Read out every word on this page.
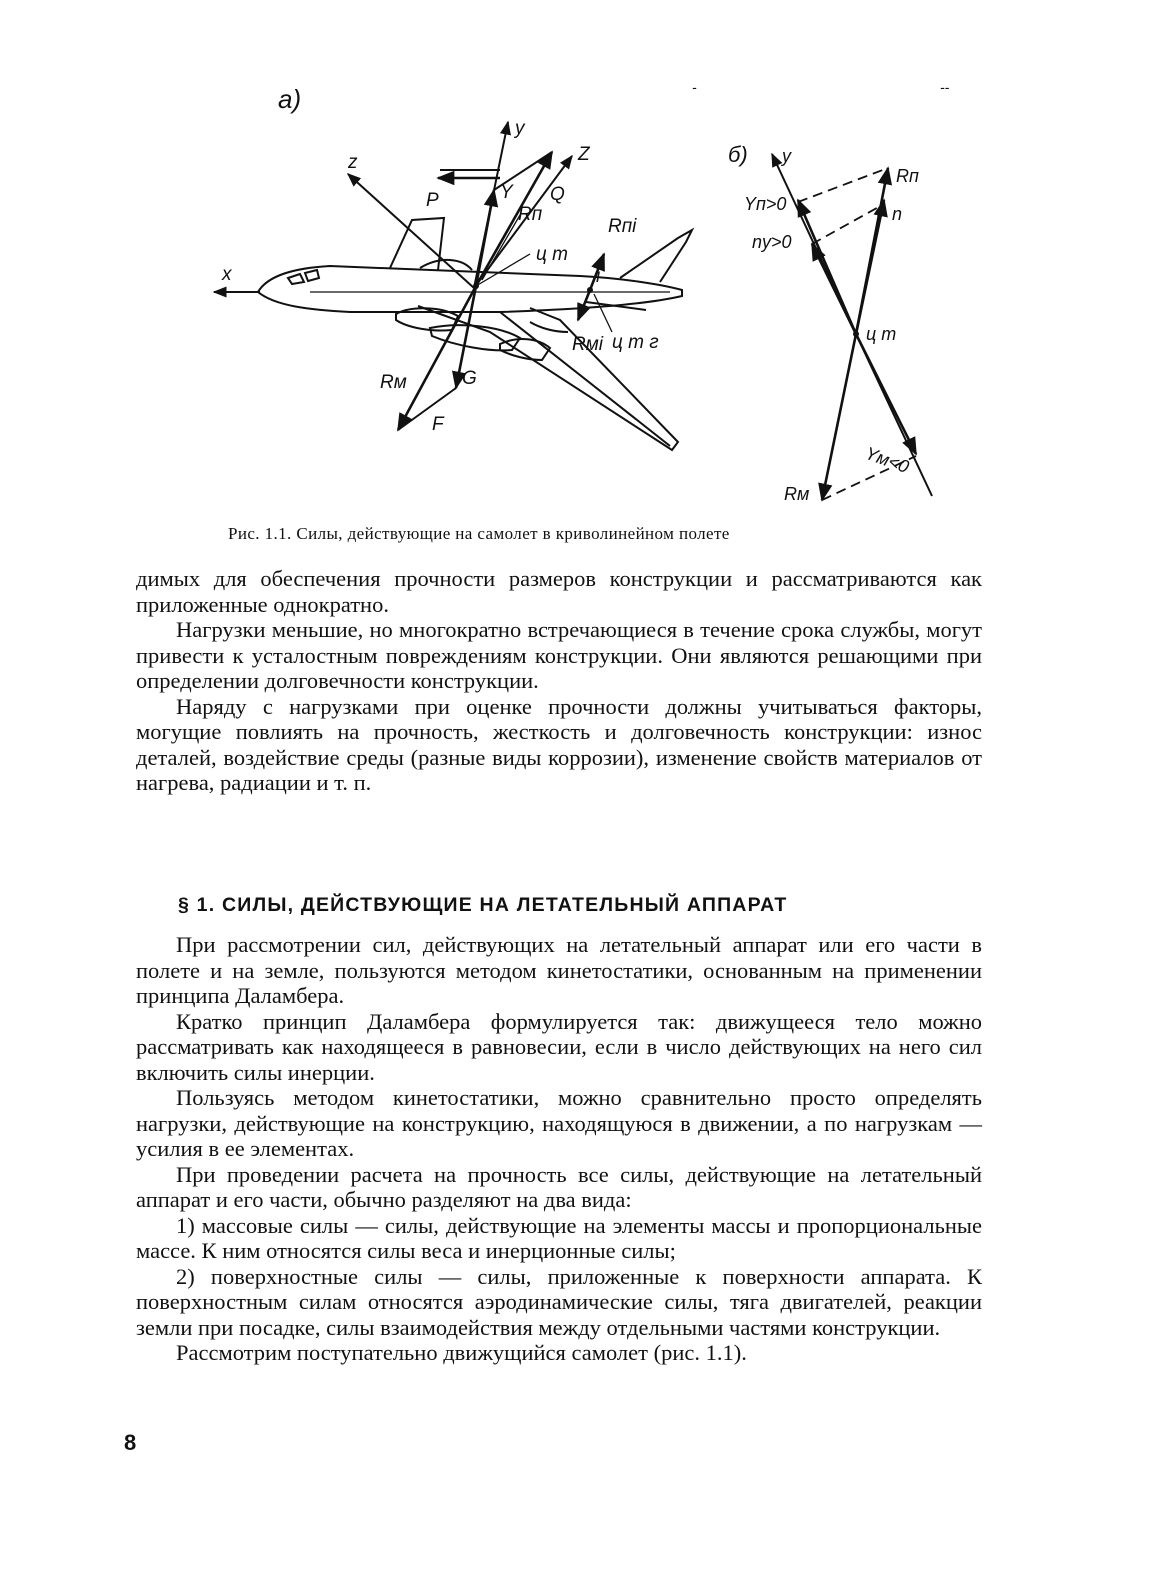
a)	-	--
y
z	Z
x
P	Y Q
Rп
Rпi
ц т
ц т г
Rмi
Rм	G
F
i
б) y
Rп
Yп>0	n
nу>0
ц т
Yм<0
Rм
Рис. 1.1. Силы, действующие на самолет в криволинейном полете

димых для обеспечения прочности размеров конструкции и рассматриваются как приложенные однократно.

Нагрузки меньшие, но многократно встречающиеся в течение срока службы, могут привести к усталостным повреждениям конструкции. Они являются решающими при определении долговечности конструкции.

Наряду с нагрузками при оценке прочности должны учитываться факторы, могущие повлиять на прочность, жесткость и долговечность конструкции: износ деталей, воздействие среды (разные виды коррозии), изменение свойств материалов от нагрева, радиации и т. п.

§ 1. СИЛЫ, ДЕЙСТВУЮЩИЕ НА ЛЕТАТЕЛЬНЫЙ АППАРАТ

При рассмотрении сил, действующих на летательный аппарат или его части в полете и на земле, пользуются методом кинетостатики, основанным на применении принципа Даламбера.

Кратко принцип Даламбера формулируется так: движущееся тело можно рассматривать как находящееся в равновесии, если в число действующих на него сил включить силы инерции.

Пользуясь методом кинетостатики, можно сравнительно просто определять нагрузки, действующие на конструкцию, находящуюся в движении, а по нагрузкам — усилия в ее элементах.

При проведении расчета на прочность все силы, действующие на летательный аппарат и его части, обычно разделяют на два вида:

1) массовые силы — силы, действующие на элементы массы и пропорциональные массе. К ним относятся силы веса и инерционные силы;

2) поверхностные силы — силы, приложенные к поверхности аппарата. К поверхностным силам относятся аэродинамические силы, тяга двигателей, реакции земли при посадке, силы взаимодействия между отдельными частями конструкции.

Рассмотрим поступательно движущийся самолет (рис. 1.1).

8
